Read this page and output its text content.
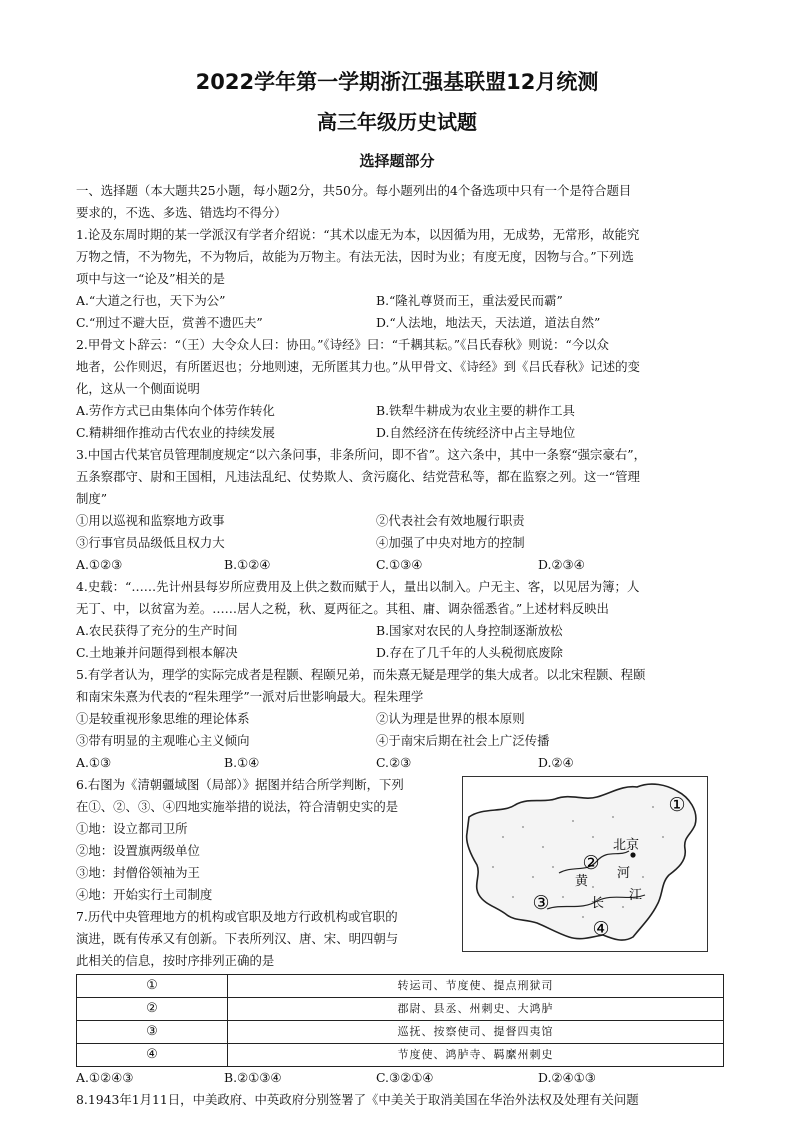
2022学年第一学期浙江强基联盟12月统测
高三年级历史试题
选择题部分

一、选择题（本大题共25小题，每小题2分，共50分。每小题列出的4个备选项中只有一个是符合题目

要求的，不选、多选、错选均不得分）

1.论及东周时期的某一学派汉有学者介绍说：“其术以虚无为本，以因循为用，无成势，无常形，故能究

万物之情，不为物先，不为物后，故能为万物主。有法无法，因时为业；有度无度，因物与合。”下列选

项中与这一“论及”相关的是

A.“大道之行也，天下为公”	B.“隆礼尊贤而王，重法爱民而霸”
C.“刑过不避大臣，赏善不遗匹夫”	D.“人法地，地法天，天法道，道法自然”

2.甲骨文卜辞云：“（王）大令众人曰：协田。”《诗经》曰：“千耦其耘。”《吕氏春秋》则说：“今以众

地者，公作则迟，有所匿迟也；分地则速，无所匿其力也。”从甲骨文、《诗经》到《吕氏春秋》记述的变

化，这从一个侧面说明

A.劳作方式已由集体向个体劳作转化	B.铁犁牛耕成为农业主要的耕作工具
C.精耕细作推动古代农业的持续发展	D.自然经济在传统经济中占主导地位

3.中国古代某官员管理制度规定“以六条问事，非条所问，即不省”。这六条中，其中一条察“强宗豪右”，

五条察郡守、尉和王国相，凡违法乱纪、仗势欺人、贪污腐化、结党营私等，都在监察之列。这一“管理

制度”

①用以巡视和监察地方政事	②代表社会有效地履行职责
③行事官员品级低且权力大	④加强了中央对地方的控制
A.①②③	B.①②④	C.①③④	D.②③④

4.史载：“……先计州县每岁所应费用及上供之数而赋于人，量出以制入。户无主、客，以见居为簿；人

无丁、中，以贫富为差。……居人之税，秋、夏两征之。其租、庸、调杂徭悉省。”上述材料反映出

A.农民获得了充分的生产时间	B.国家对农民的人身控制逐渐放松
C.土地兼并问题得到根本解决	D.存在了几千年的人头税彻底废除

5.有学者认为，理学的实际完成者是程颢、程颐兄弟，而朱熹无疑是理学的集大成者。以北宋程颢、程颐

和南宋朱熹为代表的“程朱理学”一派对后世影响最大。程朱理学

①是较重视形象思维的理论体系	②认为理是世界的根本原则
③带有明显的主观唯心主义倾向	④于南宋后期在社会上广泛传播
A.①③	B.①④	C.②③	D.②④

6.右图为《清朝疆域图（局部）》据图并结合所学判断，下列

在①、②、③、④四地实施举措的说法，符合清朝史实的是

①地：设立都司卫所

②地：设置旗两级单位

③地：封僧俗领袖为王

④地：开始实行土司制度

7.历代中央管理地方的机构或官职及地方行政机构或官职的

演进，既有传承又有创新。下表所列汉、唐、宋、明四朝与

此相关的信息，按时序排列正确的是

①
②
③
④
北京
黄
河
长
江
①	转运司、节度使、提点刑狱司
②	郡尉、县丞、州刺史、大鸿胪
③	巡抚、按察使司、提督四夷馆
④	节度使、鸿胪寺、羁縻州刺史
A.①②④③	B.②①③④	C.③②①④	D.②④①③

8.1943年1月11日，中美政府、中英政府分别签署了《中美关于取消美国在华治外法权及处理有关问题
